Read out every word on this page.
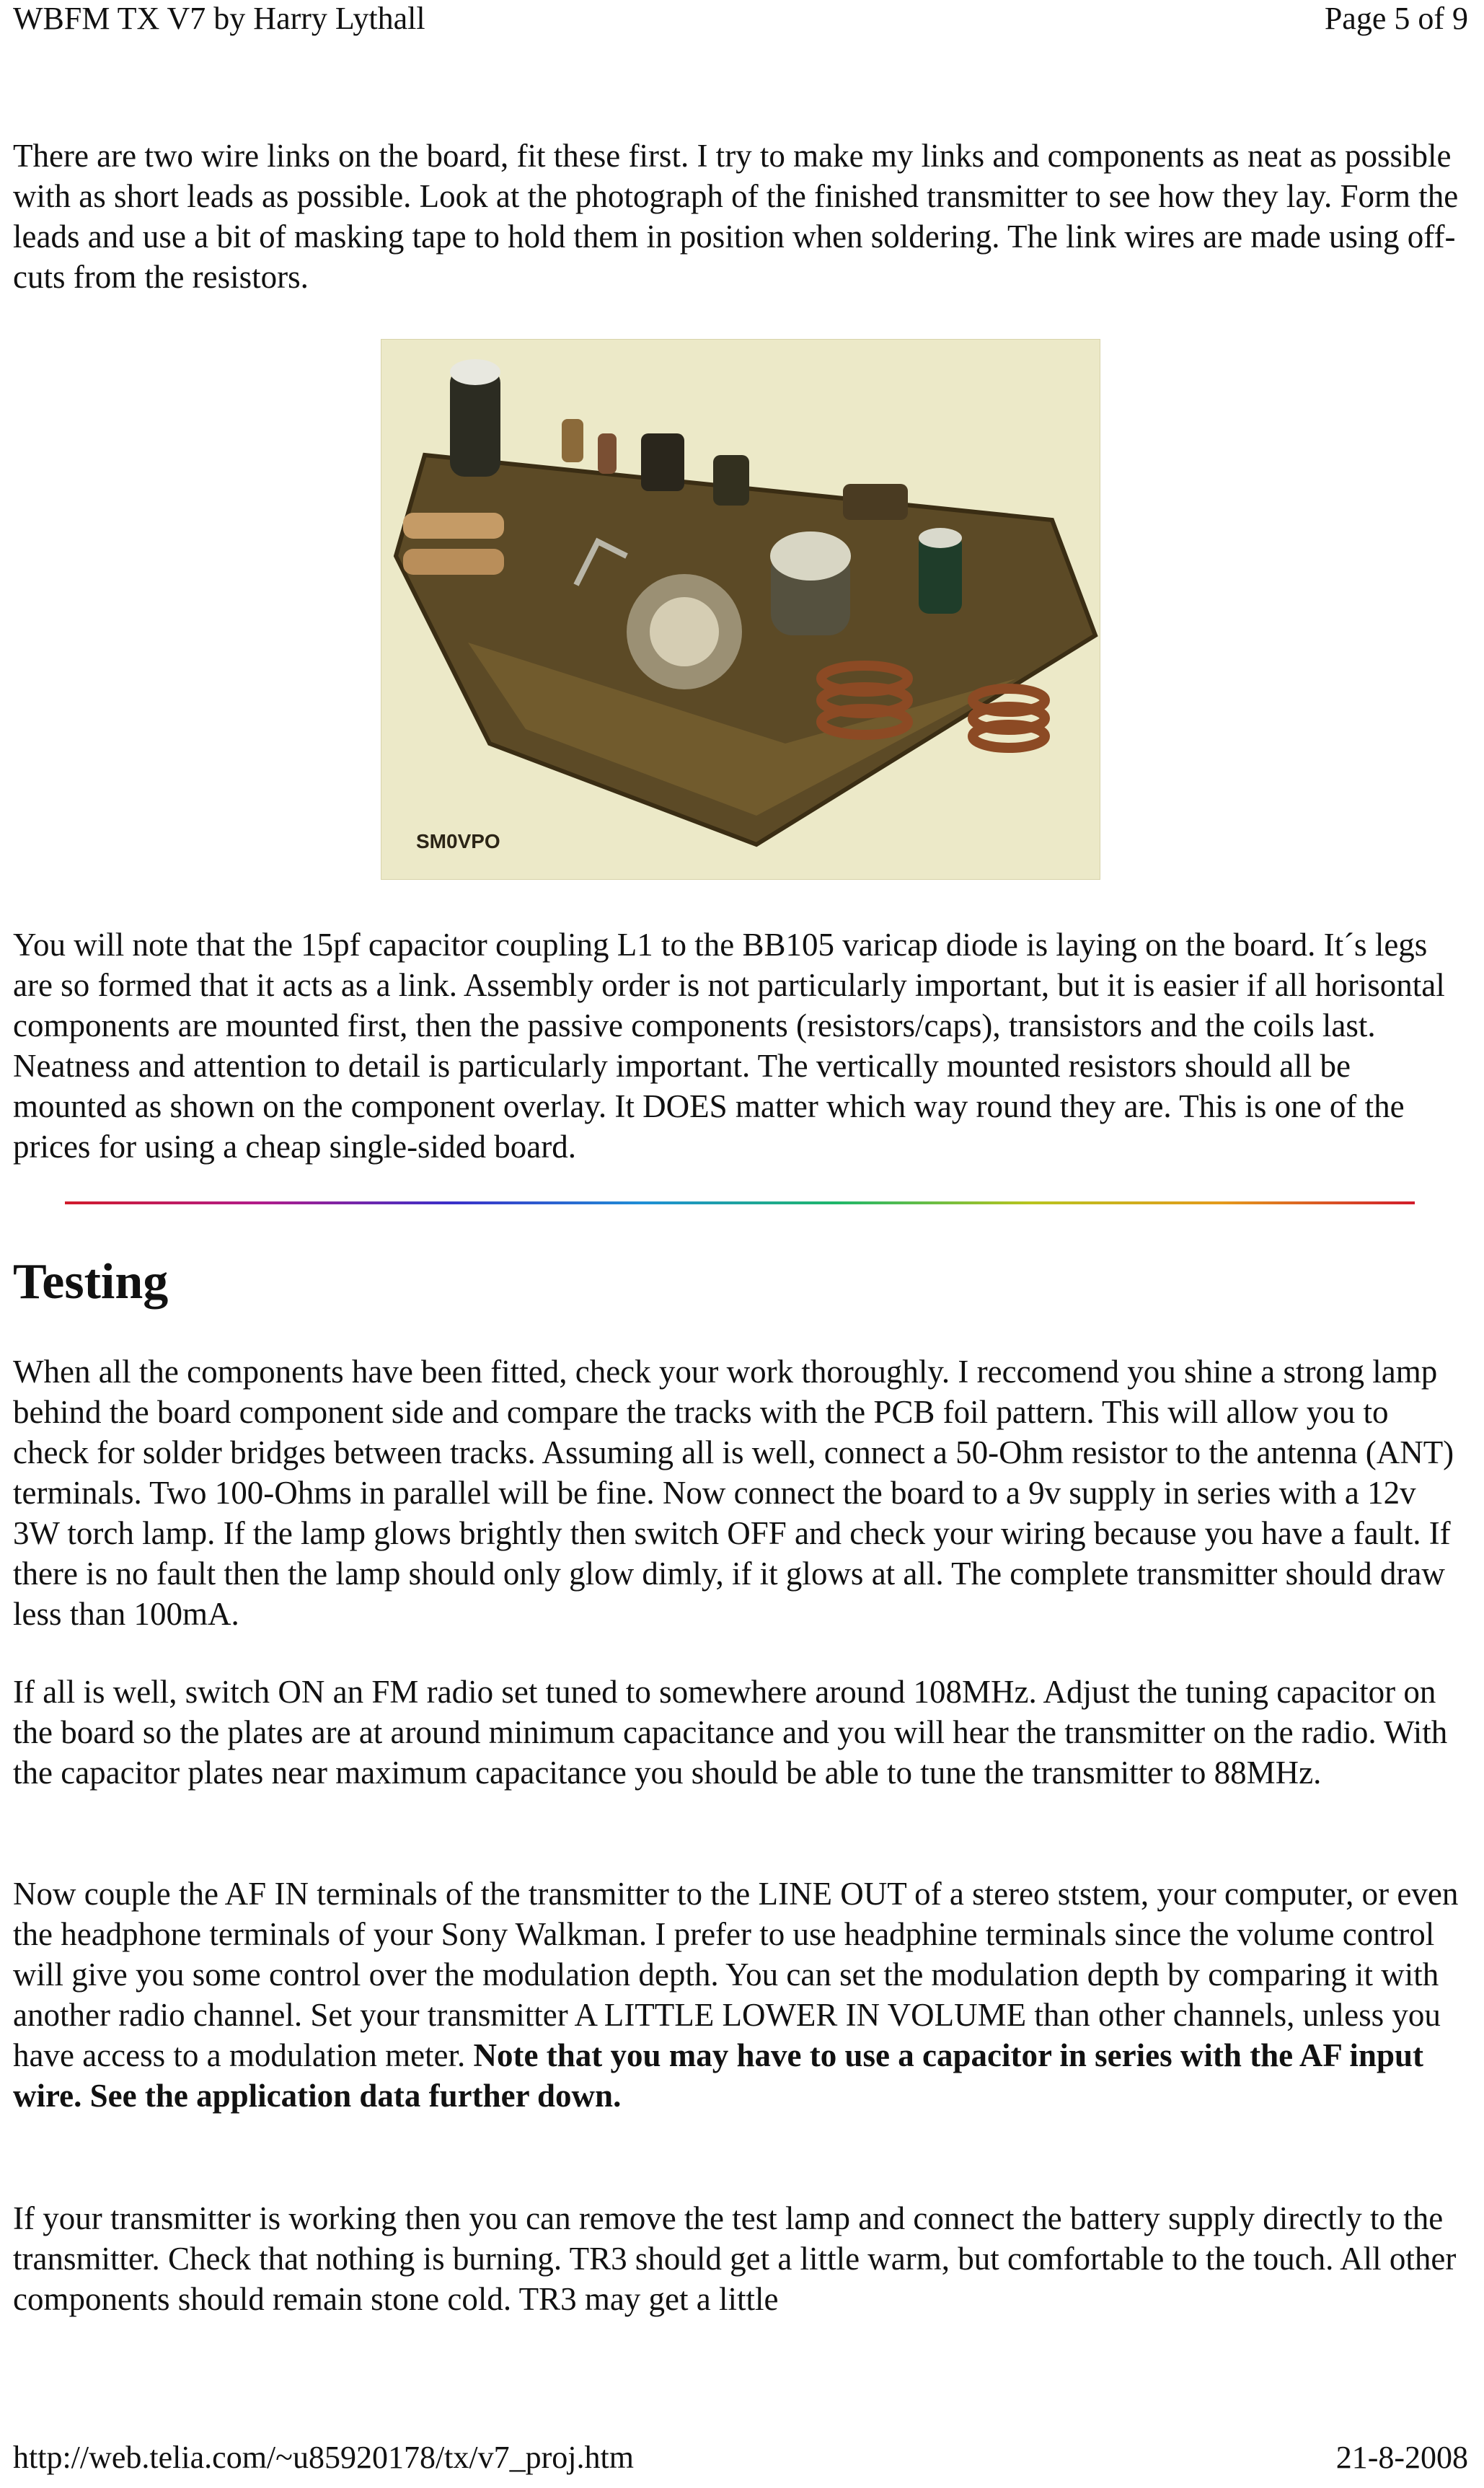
WBFM TX V7 by Harry Lythall	Page 5 of 9

There are two wire links on the board, fit these first. I try to make my links and components as neat as possible with as short leads as possible. Look at the photograph of the finished transmitter to see how they lay. Form the leads and use a bit of masking tape to hold them in position when soldering. The link wires are made using off-cuts from the resistors.

SM0VPO

You will note that the 15pf capacitor coupling L1 to the BB105 varicap diode is laying on the board. It´s legs are so formed that it acts as a link. Assembly order is not particularly important, but it is easier if all horisontal components are mounted first, then the passive components (resistors/caps), transistors and the coils last. Neatness and attention to detail is particularly important. The vertically mounted resistors should all be mounted as shown on the component overlay. It DOES matter which way round they are. This is one of the prices for using a cheap single-sided board.

Testing

When all the components have been fitted, check your work thoroughly. I reccomend you shine a strong lamp behind the board component side and compare the tracks with the PCB foil pattern. This will allow you to check for solder bridges between tracks. Assuming all is well, connect a 50-Ohm resistor to the antenna (ANT) terminals. Two 100-Ohms in parallel will be fine. Now connect the board to a 9v supply in series with a 12v 3W torch lamp. If the lamp glows brightly then switch OFF and check your wiring because you have a fault. If there is no fault then the lamp should only glow dimly, if it glows at all. The complete transmitter should draw less than 100mA.

If all is well, switch ON an FM radio set tuned to somewhere around 108MHz. Adjust the tuning capacitor on the board so the plates are at around minimum capacitance and you will hear the transmitter on the radio. With the capacitor plates near maximum capacitance you should be able to tune the transmitter to 88MHz.

Now couple the AF IN terminals of the transmitter to the LINE OUT of a stereo ststem, your computer, or even the headphone terminals of your Sony Walkman. I prefer to use headphine terminals since the volume control will give you some control over the modulation depth. You can set the modulation depth by comparing it with another radio channel. Set your transmitter A LITTLE LOWER IN VOLUME than other channels, unless you have access to a modulation meter. Note that you may have to use a capacitor in series with the AF input wire. See the application data further down.

If your transmitter is working then you can remove the test lamp and connect the battery supply directly to the transmitter. Check that nothing is burning. TR3 should get a little warm, but comfortable to the touch. All other components should remain stone cold. TR3 may get a little

http://web.telia.com/~u85920178/tx/v7_proj.htm	21-8-2008
